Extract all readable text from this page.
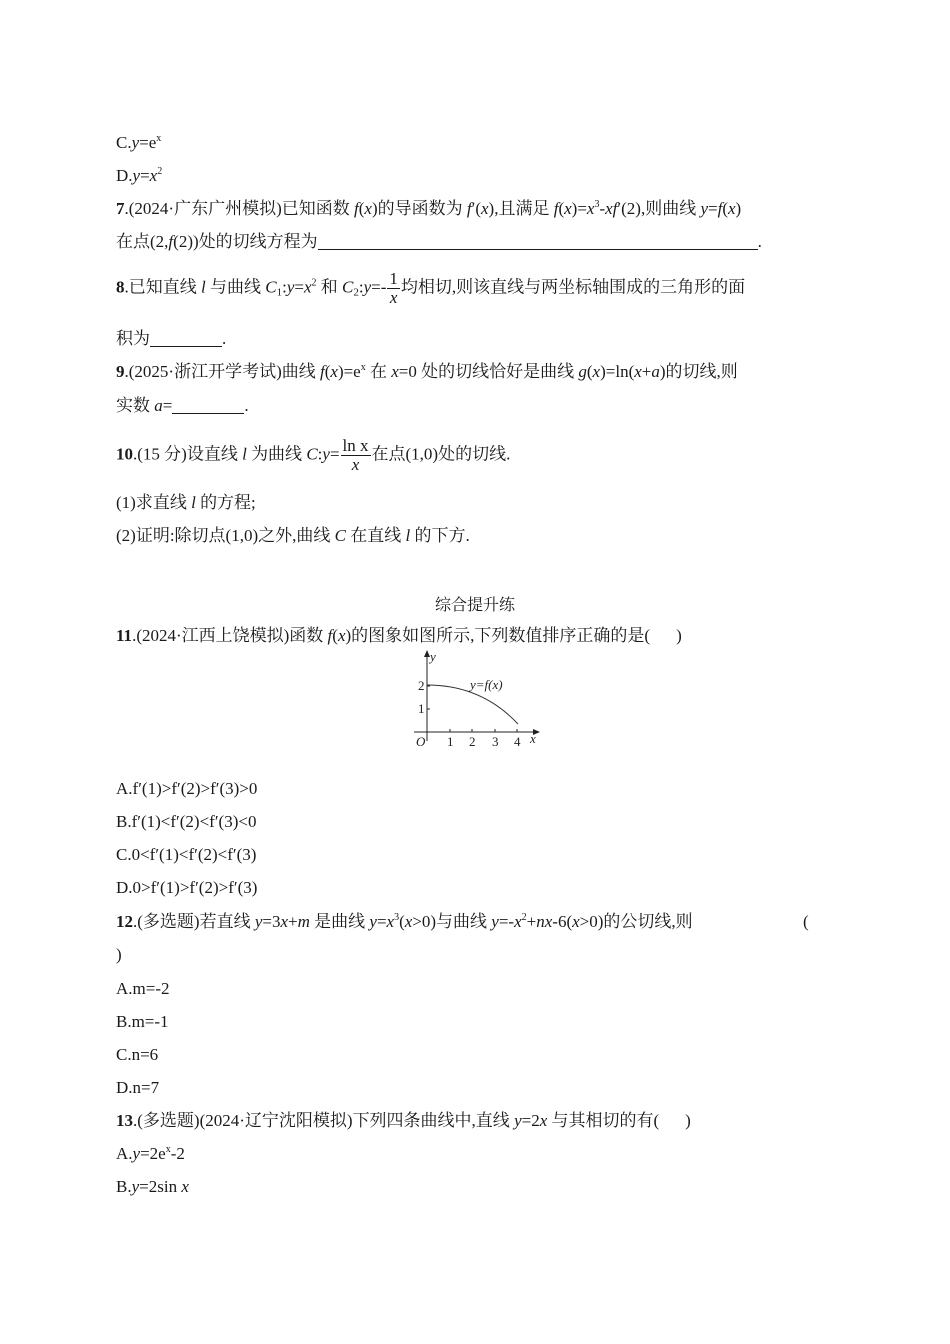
$C.y=e^x$
$D.y=x^2$
7.(2024·广东广州模拟)已知函数 f(x)的导函数为 f′(x),且满足 $f(x)=x^3-xf'(2)$,则曲线 y=f(x)
在点(2,f(2))处的切线方程为	.
8.已知直线 l 与曲线 $C_1:y=x^2$ 和 $C_2:y=- \frac{1}{x}$ 均相切,则该直线与两坐标轴围成的三角形的面
积为	.
9.(2025·浙江开学考试)曲线 $f(x)=e^x$ 在 x=0 处的切线恰好是曲线 g(x)=ln(x+a)的切线,则
实数 a=	.
10.(15 分)设直线 l 为曲线 C:y= $\frac{\text{ln x}}{x}$ 在点(1,0)处的切线.
(1)求直线 l 的方程;
(2)证明:除切点(1,0)之外,曲线 C 在直线 l 的下方.
综合提升练
11.(2024·江西上饶模拟)函数 f(x)的图象如图所示,下列数值排序正确的是( )
y
x
O 1 2 3 4
1
2	y=f(x)
A.f′(1)>f′(2)>f′(3)>0
B.f′(1)<f′(2)<f′(3)<0
C.0<f′(1)<f′(2)<f′(3)
D.0>f′(1)>f′(2)>f′(3)
12.(多选题)若直线 y=3x+m 是曲线 $y=x^3(x>0)$与曲线 $y=-x^2+nx-6(x>0)$的公切线,则	(
)
A.m=-2
B.m=-1
C.n=6
D.n=7
13.(多选题)(2024·辽宁沈阳模拟)下列四条曲线中,直线 y=2x 与其相切的有( )
$A.y=2e^x-2$
B.y=2sin x
